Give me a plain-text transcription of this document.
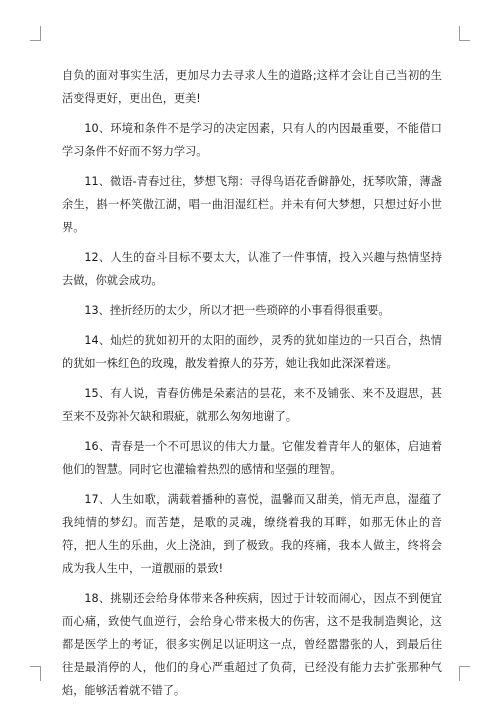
自负的面对事实生活，更加尽力去寻求人生的道路;这样才会让自己当初的生活变得更好，更出色，更美!

10、环境和条件不是学习的决定因素，只有人的内因最重要，不能借口学习条件不好而不努力学习。

11、微语-青春过往，梦想飞翔：寻得鸟语花香僻静处，抚琴吹箫，薄盏余生，斟一杯笑傲江湖，唱一曲泪湿红栏。并未有何大梦想，只想过好小世界。

12、人生的奋斗目标不要太大，认准了一件事情，投入兴趣与热情坚持去做，你就会成功。

13、挫折经历的太少，所以才把一些琐碎的小事看得很重要。

14、灿烂的犹如初开的太阳的面纱，灵秀的犹如崖边的一只百合，热情的犹如一株红色的玫瑰，散发着撩人的芬芳，她让我如此深深着迷。

15、有人说，青春仿佛是朵素洁的昙花，来不及铺张、来不及遐思，甚至来不及弥补欠缺和瑕疵，就那么匆匆地谢了。

16、青春是一个不可思议的伟大力量。它催发着青年人的躯体，启迪着他们的智慧。同时它也灌输着热烈的感情和坚强的理智。

17、人生如歌，满载着播种的喜悦，温馨而又甜美，悄无声息，湿蕴了我纯情的梦幻。而苦楚，是歌的灵魂，缭绕着我的耳畔，如那无休止的音符，把人生的乐曲，火上浇油，到了极致。我的疼痛，我本人做主，终将会成为我人生中，一道靓丽的景致!

18、挑剔还会给身体带来各种疾病，因过于计较而闹心，因点不到便宜而心痛，致使气血逆行，会给身心带来极大的伤害，这不是我制造舆论，这都是医学上的考证，很多实例足以证明这一点，曾经嚣嚣张的人，到最后往往是最消停的人，他们的身心严重超过了负荷，已经没有能力去扩张那种气焰，能够活着就不错了。
